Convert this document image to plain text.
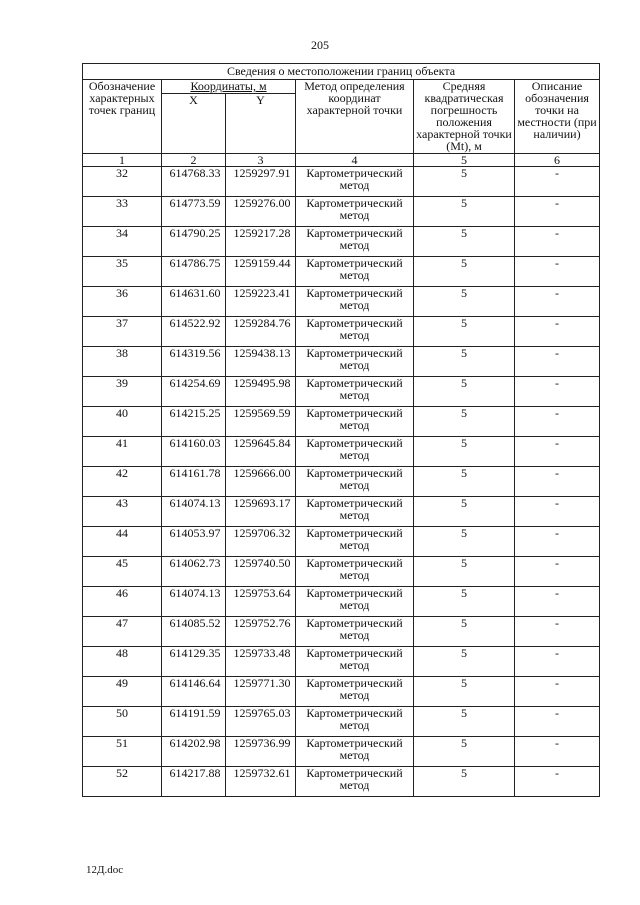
205
Сведения о местоположении границ объекта					
Обозначение характерных точек границ	Координаты, м		Метод определения координат характерной точки	Средняя квадратическая погрешность положения характерной точки (Mt), м	Описание обозначения точки на местности (при наличии)
	X	Y			
1	2	3	4	5	6
32	614768.33	1259297.91	Картометрический метод	5	-
33	614773.59	1259276.00	Картометрический метод	5	-
34	614790.25	1259217.28	Картометрический метод	5	-
35	614786.75	1259159.44	Картометрический метод	5	-
36	614631.60	1259223.41	Картометрический метод	5	-
37	614522.92	1259284.76	Картометрический метод	5	-
38	614319.56	1259438.13	Картометрический метод	5	-
39	614254.69	1259495.98	Картометрический метод	5	-
40	614215.25	1259569.59	Картометрический метод	5	-
41	614160.03	1259645.84	Картометрический метод	5	-
42	614161.78	1259666.00	Картометрический метод	5	-
43	614074.13	1259693.17	Картометрический метод	5	-
44	614053.97	1259706.32	Картометрический метод	5	-
45	614062.73	1259740.50	Картометрический метод	5	-
46	614074.13	1259753.64	Картометрический метод	5	-
47	614085.52	1259752.76	Картометрический метод	5	-
48	614129.35	1259733.48	Картометрический метод	5	-
49	614146.64	1259771.30	Картометрический метод	5	-
50	614191.59	1259765.03	Картометрический метод	5	-
51	614202.98	1259736.99	Картометрический метод	5	-
52	614217.88	1259732.61	Картометрический метод	5	-
12Д.doc
